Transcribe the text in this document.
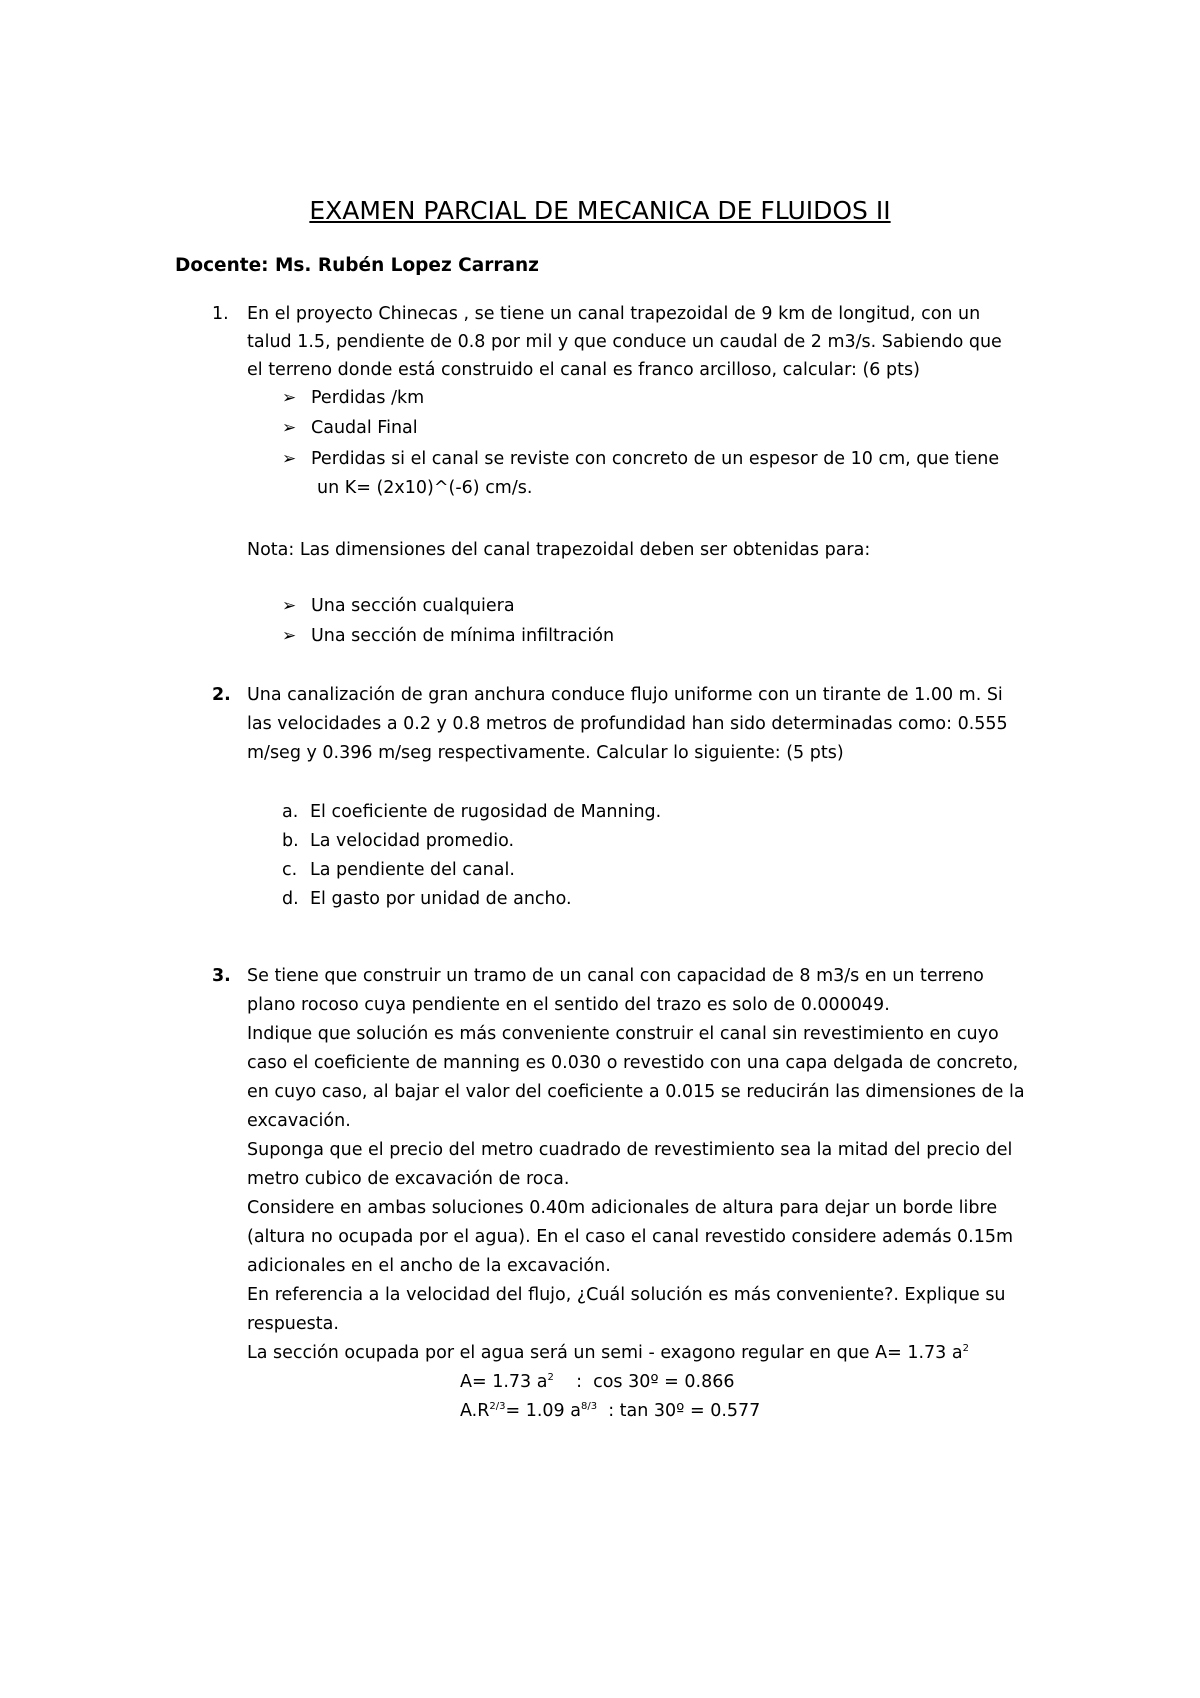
EXAMEN PARCIAL DE MECANICA DE FLUIDOS II
Docente: Ms. Rubén Lopez Carranz
1. En el proyecto Chinecas , se tiene un canal trapezoidal de 9 km de longitud, con un
talud 1.5, pendiente de 0.8 por mil y que conduce un caudal de 2 m3/s. Sabiendo que
el terreno donde está construido el canal es franco arcilloso, calcular: (6 pts)
➢ Perdidas /km
➢ Caudal Final
➢ Perdidas si el canal se reviste con concreto de un espesor de 10 cm, que tiene
un K= (2x10)^(-6) cm/s.
Nota: Las dimensiones del canal trapezoidal deben ser obtenidas para:
➢ Una sección cualquiera
➢ Una sección de mínima infiltración
2. Una canalización de gran anchura conduce flujo uniforme con un tirante de 1.00 m. Si
las velocidades a 0.2 y 0.8 metros de profundidad han sido determinadas como: 0.555
m/seg y 0.396 m/seg respectivamente. Calcular lo siguiente: (5 pts)
a. El coeficiente de rugosidad de Manning.
b. La velocidad promedio.
c. La pendiente del canal.
d. El gasto por unidad de ancho.
3. Se tiene que construir un tramo de un canal con capacidad de 8 m3/s en un terreno
plano rocoso cuya pendiente en el sentido del trazo es solo de 0.000049.
Indique que solución es más conveniente construir el canal sin revestimiento en cuyo
caso el coeficiente de manning es 0.030 o revestido con una capa delgada de concreto,
en cuyo caso, al bajar el valor del coeficiente a 0.015 se reducirán las dimensiones de la
excavación.
Suponga que el precio del metro cuadrado de revestimiento sea la mitad del precio del
metro cubico de excavación de roca.
Considere en ambas soluciones 0.40m adicionales de altura para dejar un borde libre
(altura no ocupada por el agua). En el caso el canal revestido considere además 0.15m
adicionales en el ancho de la excavación.
En referencia a la velocidad del flujo, ¿Cuál solución es más conveniente?. Explique su
respuesta.
La sección ocupada por el agua será un semi - exagono regular en que A= 1.73 $a^2$
A= 1.73 $a^2$    :  cos 30º = 0.866
$A.R^{2/3}= 1.09$ $a^{8/3}$  : tan 30º = 0.577
